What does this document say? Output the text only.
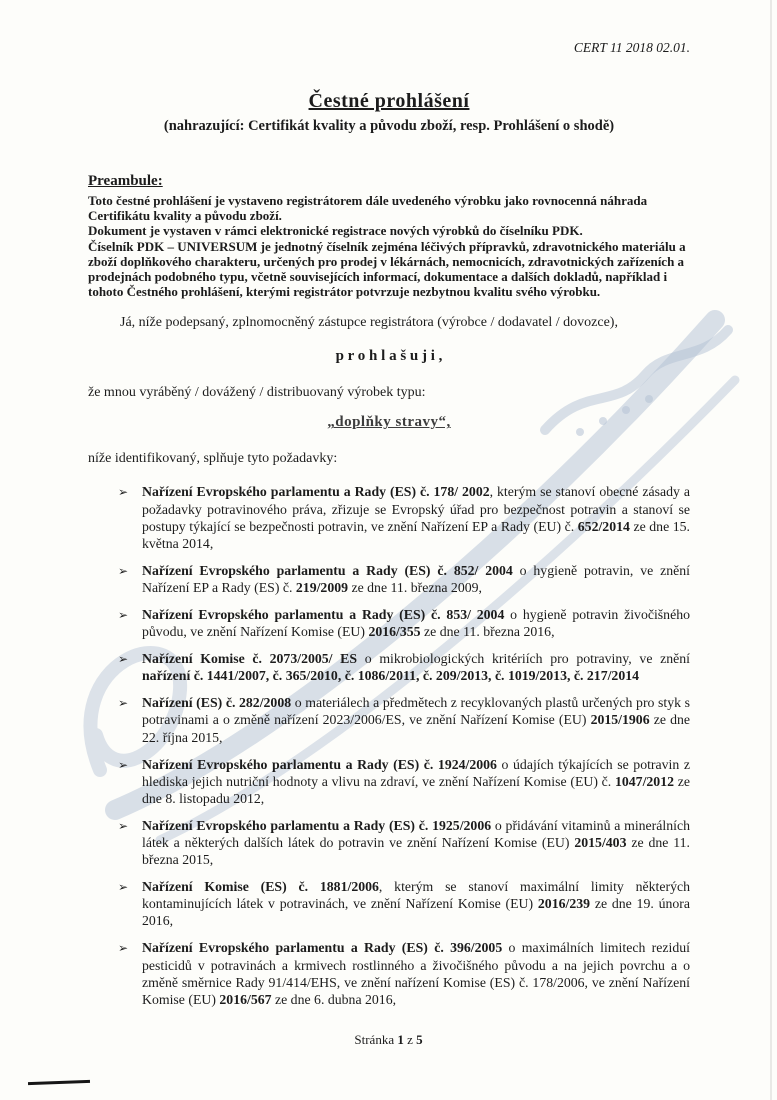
CERT 11 2018 02.01.
Čestné prohlášení
(nahrazující: Certifikát kvality a původu zboží, resp. Prohlášení o shodě)
Preambule:
Toto čestné prohlášení je vystaveno registrátorem dále uvedeného výrobku jako rovnocenná náhrada Certifikátu kvality a původu zboží.
Dokument je vystaven v rámci elektronické registrace nových výrobků do číselníku PDK.
Číselník PDK – UNIVERSUM je jednotný číselník zejména léčivých přípravků, zdravotnického materiálu a zboží doplňkového charakteru, určených pro prodej v lékárnách, nemocnicích, zdravotnických zařízeních a prodejnách podobného typu, včetně souvisejících informací, dokumentace a dalších dokladů, například i tohoto Čestného prohlášení, kterými registrátor potvrzuje nezbytnou kvalitu svého výrobku.

Já, níže podepsaný, zplnomocněný zástupce registrátora (výrobce / dodavatel / dovozce),

p r o h l a š u j i ,

že mnou vyráběný / dovážený / distribuovaný výrobek typu:

„doplňky stravy“,

níže identifikovaný, splňuje tyto požadavky:

➢	Nařízení Evropského parlamentu a Rady (ES) č. 178/ 2002, kterým se stanoví obecné zásady a požadavky potravinového práva, zřizuje se Evropský úřad pro bezpečnost potravin a stanoví se postupy týkající se bezpečnosti potravin, ve znění Nařízení EP a Rady (EU) č. 652/2014 ze dne 15. května 2014,
➢	Nařízení Evropského parlamentu a Rady (ES) č. 852/ 2004 o hygieně potravin, ve znění Nařízení EP a Rady (ES) č. 219/2009 ze dne 11. března 2009,
➢	Nařízení Evropského parlamentu a Rady (ES) č. 853/ 2004 o hygieně potravin živočišného původu, ve znění Nařízení Komise (EU) 2016/355 ze dne 11. března 2016,
➢	Nařízení Komise č. 2073/2005/ ES o mikrobiologických kritériích pro potraviny, ve znění nařízení č. 1441/2007, č. 365/2010, č. 1086/2011, č. 209/2013, č. 1019/2013, č. 217/2014
➢	Nařízení (ES) č. 282/2008 o materiálech a předmětech z recyklovaných plastů určených pro styk s potravinami a o změně nařízení 2023/2006/ES, ve znění Nařízení Komise (EU) 2015/1906 ze dne 22. října 2015,
➢	Nařízení Evropského parlamentu a Rady (ES) č. 1924/2006 o údajích týkajících se potravin z hlediska jejich nutriční hodnoty a vlivu na zdraví, ve znění Nařízení Komise (EU) č. 1047/2012 ze dne 8. listopadu 2012,
➢	Nařízení Evropského parlamentu a Rady (ES) č. 1925/2006 o přidávání vitaminů a minerálních látek a některých dalších látek do potravin ve znění Nařízení Komise (EU) 2015/403 ze dne 11. března 2015,
➢	Nařízení Komise (ES) č. 1881/2006, kterým se stanoví maximální limity některých kontaminujících látek v potravinách, ve znění Nařízení Komise (EU) 2016/239 ze dne 19. února 2016,
➢	Nařízení Evropského parlamentu a Rady (ES) č. 396/2005 o maximálních limitech reziduí pesticidů v potravinách a krmivech rostlinného a živočišného původu a na jejich povrchu a o změně směrnice Rady 91/414/EHS, ve znění nařízení Komise (ES) č. 178/2006, ve znění Nařízení Komise (EU) 2016/567 ze dne 6. dubna 2016,
Stránka 1 z 5
